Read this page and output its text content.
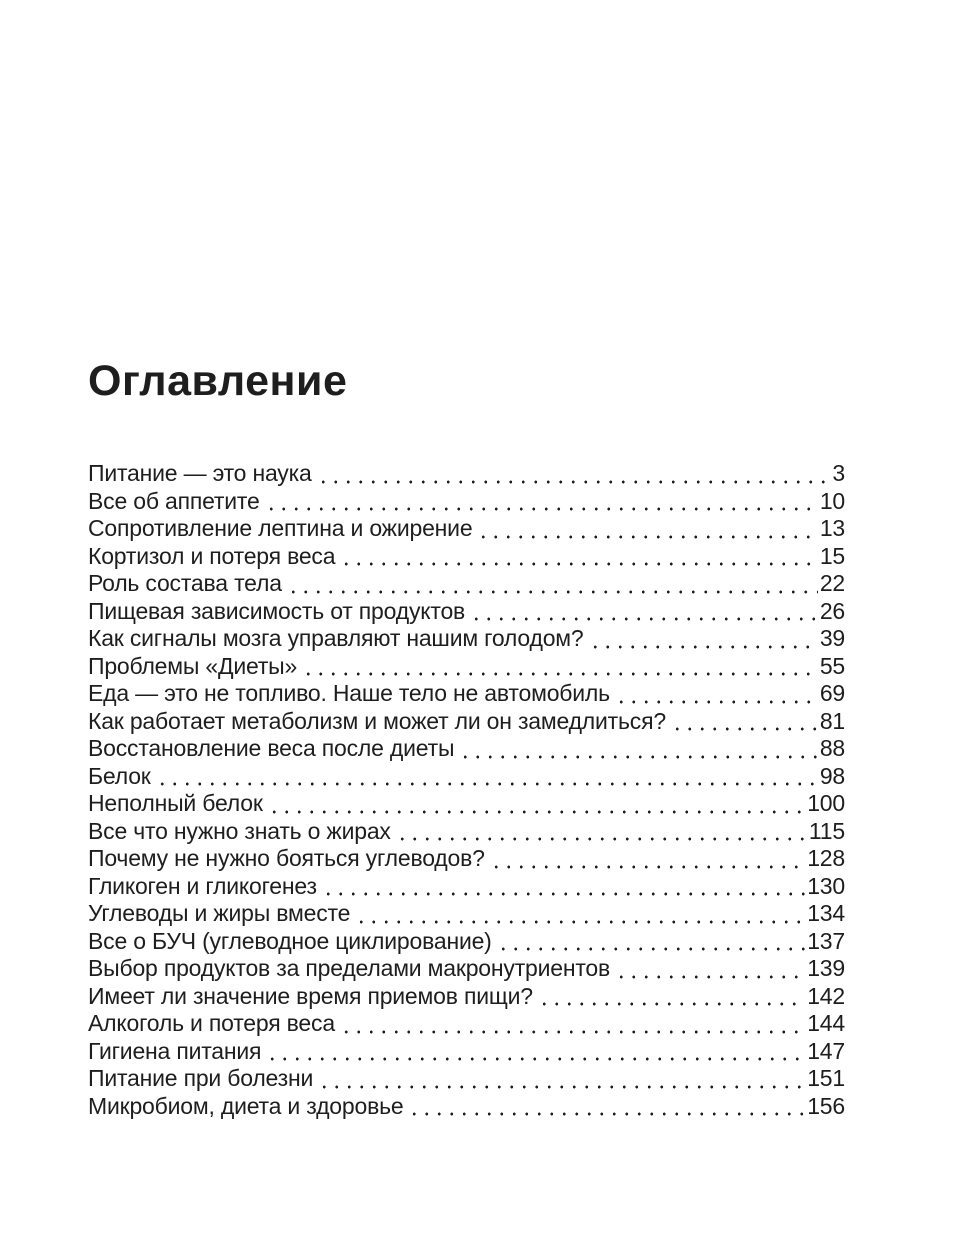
Оглавление
Питание — это наука	3
Все об аппетите	10
Сопротивление лептина и ожирение	13
Кортизол и потеря веса	15
Роль состава тела	22
Пищевая зависимость от продуктов	26
Как сигналы мозга управляют нашим голодом?	39
Проблемы «Диеты»	55
Еда — это не топливо. Наше тело не автомобиль	69
Как работает метаболизм и может ли он замедлиться?	81
Восстановление веса после диеты	88
Белок	98
Неполный белок	100
Все что нужно знать о жирах	115
Почему не нужно бояться углеводов?	128
Гликоген и гликогенез	130
Углеводы и жиры вместе	134
Все о БУЧ (углеводное циклирование)	137
Выбор продуктов за пределами макронутриентов	139
Имеет ли значение время приемов пищи?	142
Алкоголь и потеря веса	144
Гигиена питания	147
Питание при болезни	151
Микробиом, диета и здоровье	156
